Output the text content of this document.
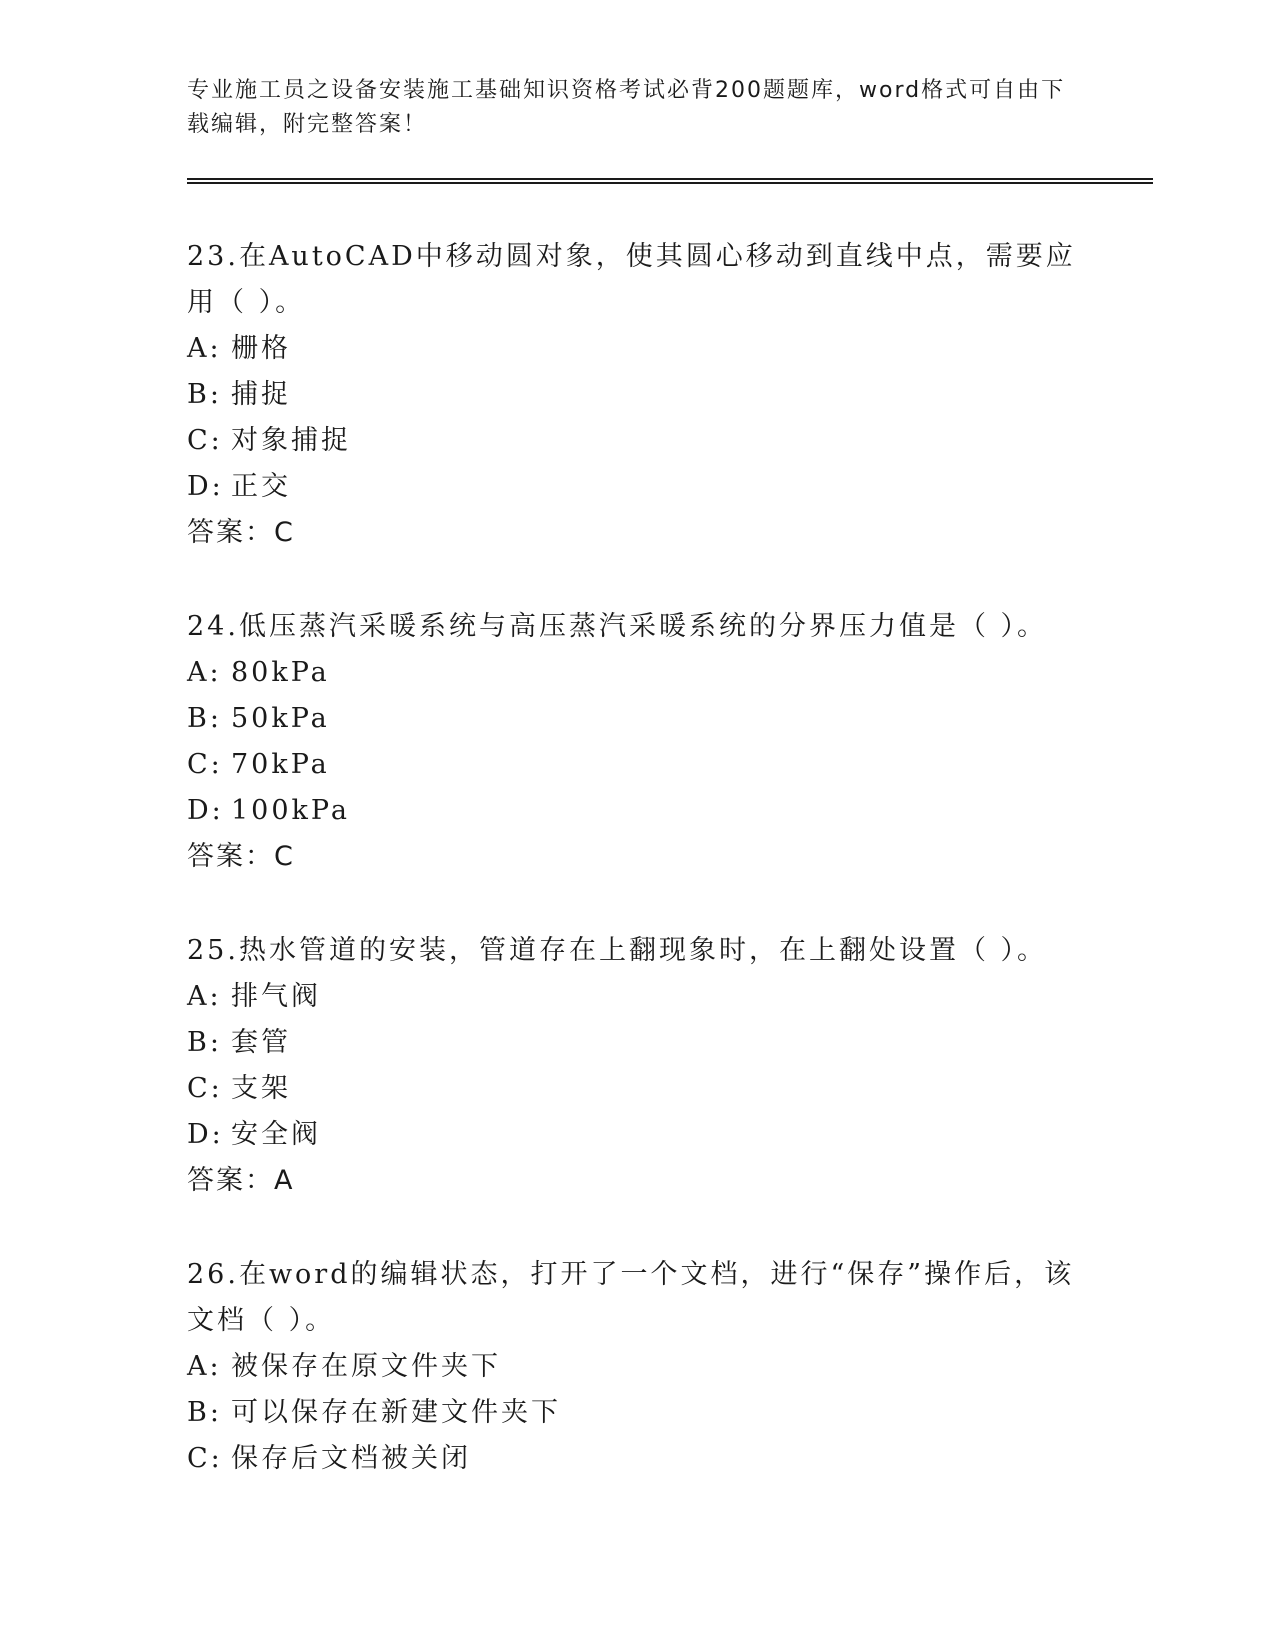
专业施工员之设备安装施工基础知识资格考试必背200题题库，word格式可自由下载编辑，附完整答案！

23.在AutoCAD中移动圆对象，使其圆心移动到直线中点，需要应用（ ）。

A: 栅格
B: 捕捉
C: 对象捕捉
D: 正交

答案：C

24.低压蒸汽采暖系统与高压蒸汽采暖系统的分界压力值是（ ）。

A: 80kPa
B: 50kPa
C: 70kPa
D: 100kPa

答案：C

25.热水管道的安装，管道存在上翻现象时，在上翻处设置（ ）。

A: 排气阀
B: 套管
C: 支架
D: 安全阀

答案：A

26.在word的编辑状态，打开了一个文档，进行“保存”操作后，该文档（ ）。

A: 被保存在原文件夹下
B: 可以保存在新建文件夹下
C: 保存后文档被关闭
